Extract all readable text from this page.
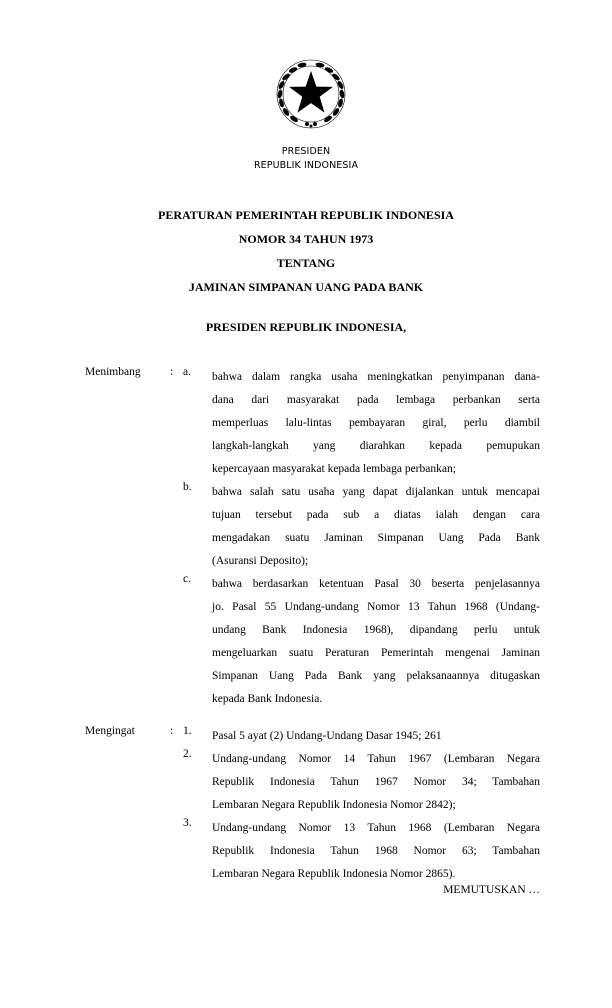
PRESIDEN
REPUBLIK INDONESIA
PERATURAN PEMERINTAH REPUBLIK INDONESIA
NOMOR 34 TAHUN 1973
TENTANG
JAMINAN SIMPANAN UANG PADA BANK
PRESIDEN REPUBLIK INDONESIA,
Menimbang	: a. bahwa dalam rangka usaha meningkatkan penyimpanan dana-
dana dari masyarakat pada lembaga perbankan serta
memperluas lalu-lintas pembayaran giral, perlu diambil
langkah-langkah yang diarahkan kepada pemupukan
kepercayaan masyarakat kepada lembaga perbankan;
b. bahwa salah satu usaha yang dapat dijalankan untuk mencapai
tujuan tersebut pada sub a diatas ialah dengan cara
mengadakan suatu Jaminan Simpanan Uang Pada Bank
(Asuransi Deposito);
c. bahwa berdasarkan ketentuan Pasal 30 beserta penjelasannya
jo. Pasal 55 Undang-undang Nomor 13 Tahun 1968 (Undang-
undang Bank Indonesia 1968), dipandang perlu untuk
mengeluarkan suatu Peraturan Pemerintah mengenai Jaminan
Simpanan Uang Pada Bank yang pelaksanaannya ditugaskan
kepada Bank Indonesia.
Mengingat	: 1. Pasal 5 ayat (2) Undang-Undang Dasar 1945; 261
2. Undang-undang Nomor 14 Tahun 1967 (Lembaran Negara
Republik Indonesia Tahun 1967 Nomor 34; Tambahan
Lembaran Negara Republik Indonesia Nomor 2842);
3. Undang-undang Nomor 13 Tahun 1968 (Lembaran Negara
Republik Indonesia Tahun 1968 Nomor 63; Tambahan
Lembaran Negara Republik Indonesia Nomor 2865).
MEMUTUSKAN …
